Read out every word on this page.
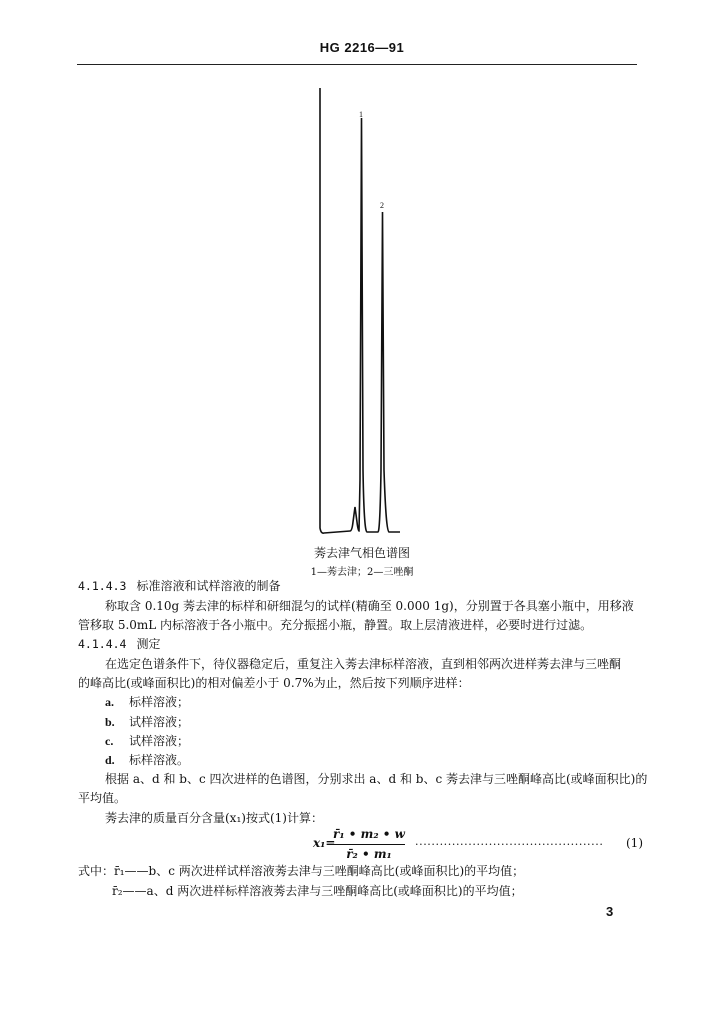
HG 2216—91
1
2
莠去津气相色谱图
1—莠去津；2—三唑酮
4.1.4.3 标准溶液和试样溶液的制备
称取含 0.10g 莠去津的标样和研细混匀的试样(精确至 0.000 1g)，分别置于各具塞小瓶中，用移液
管移取 5.0mL 内标溶液于各小瓶中。充分振摇小瓶，静置。取上层清液进样，必要时进行过滤。
4.1.4.4 测定
在选定色谱条件下，待仪器稳定后，重复注入莠去津标样溶液，直到相邻两次进样莠去津与三唑酮
的峰高比(或峰面积比)的相对偏差小于 0.7%为止，然后按下列顺序进样：
a. 标样溶液；
b. 试样溶液；
c. 试样溶液；
d. 标样溶液。
根据 a、d 和 b、c 四次进样的色谱图，分别求出 a、d 和 b、c 莠去津与三唑酮峰高比(或峰面积比)的
平均值。
莠去津的质量百分含量(x₁)按式(1)计算：
x₁=
r̄₁ • m₂ • w
r̄₂ • m₁
.............................................. (1)
式中：r̄₁——b、c 两次进样试样溶液莠去津与三唑酮峰高比(或峰面积比)的平均值；
r̄₂——a、d 两次进样标样溶液莠去津与三唑酮峰高比(或峰面积比)的平均值；
3
